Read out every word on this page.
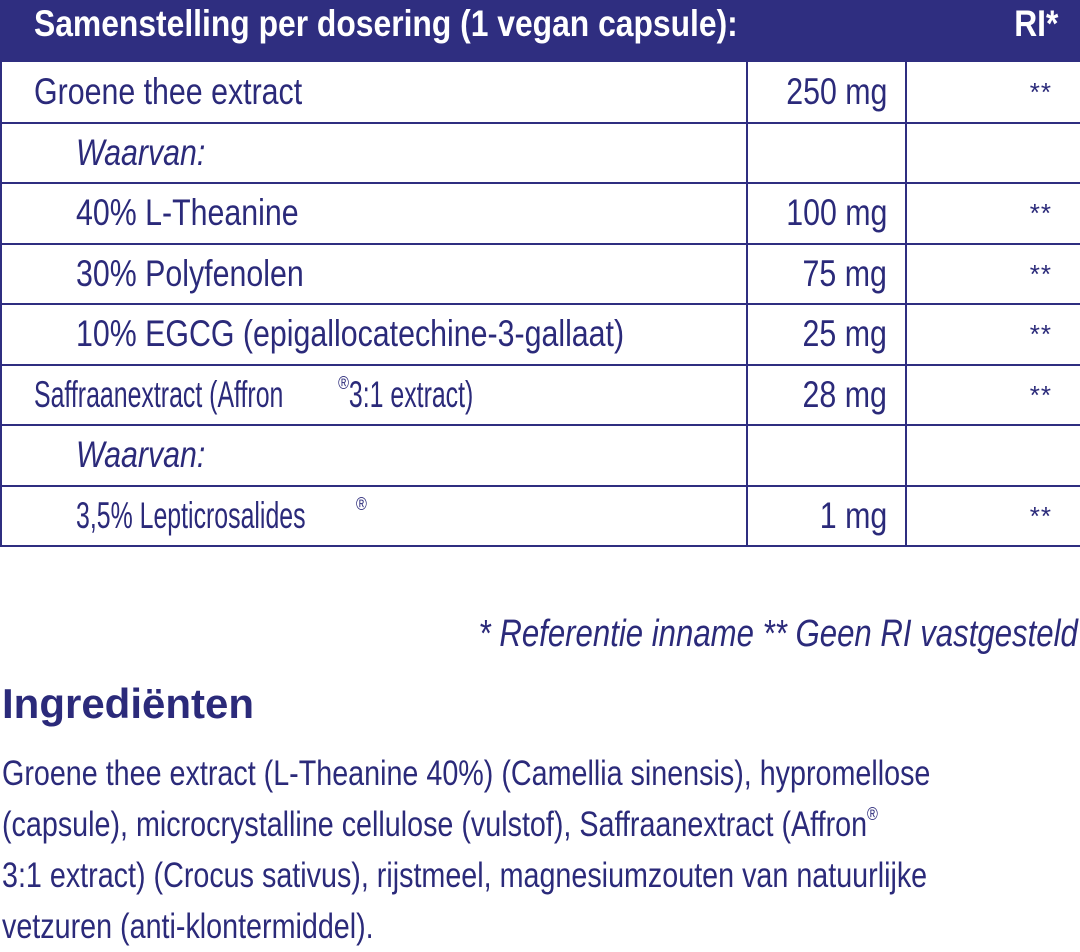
Samenstelling per dosering (1 vegan capsule):	RI*
Groene thee extract	250 mg	**
Waarvan:		
40% L-Theanine	100 mg	**
30% Polyfenolen	75 mg	**
10% EGCG (epigallocatechine-3-gallaat)	25 mg	**
Saffraanextract (Affron ®3:1 extract)	28 mg	**
Waarvan:		
3,5% Lepticrosalides ®	1 mg	**
* Referentie inname ** Geen RI vastgesteld
Ingrediënten
Groene thee extract (L-Theanine 40%) (Camellia sinensis), hypromellose
(capsule), microcrystalline cellulose (vulstof), Saffraanextract (Affron®
3:1 extract) (Crocus sativus), rijstmeel, magnesiumzouten van natuurlijke
vetzuren (anti-klontermiddel).
